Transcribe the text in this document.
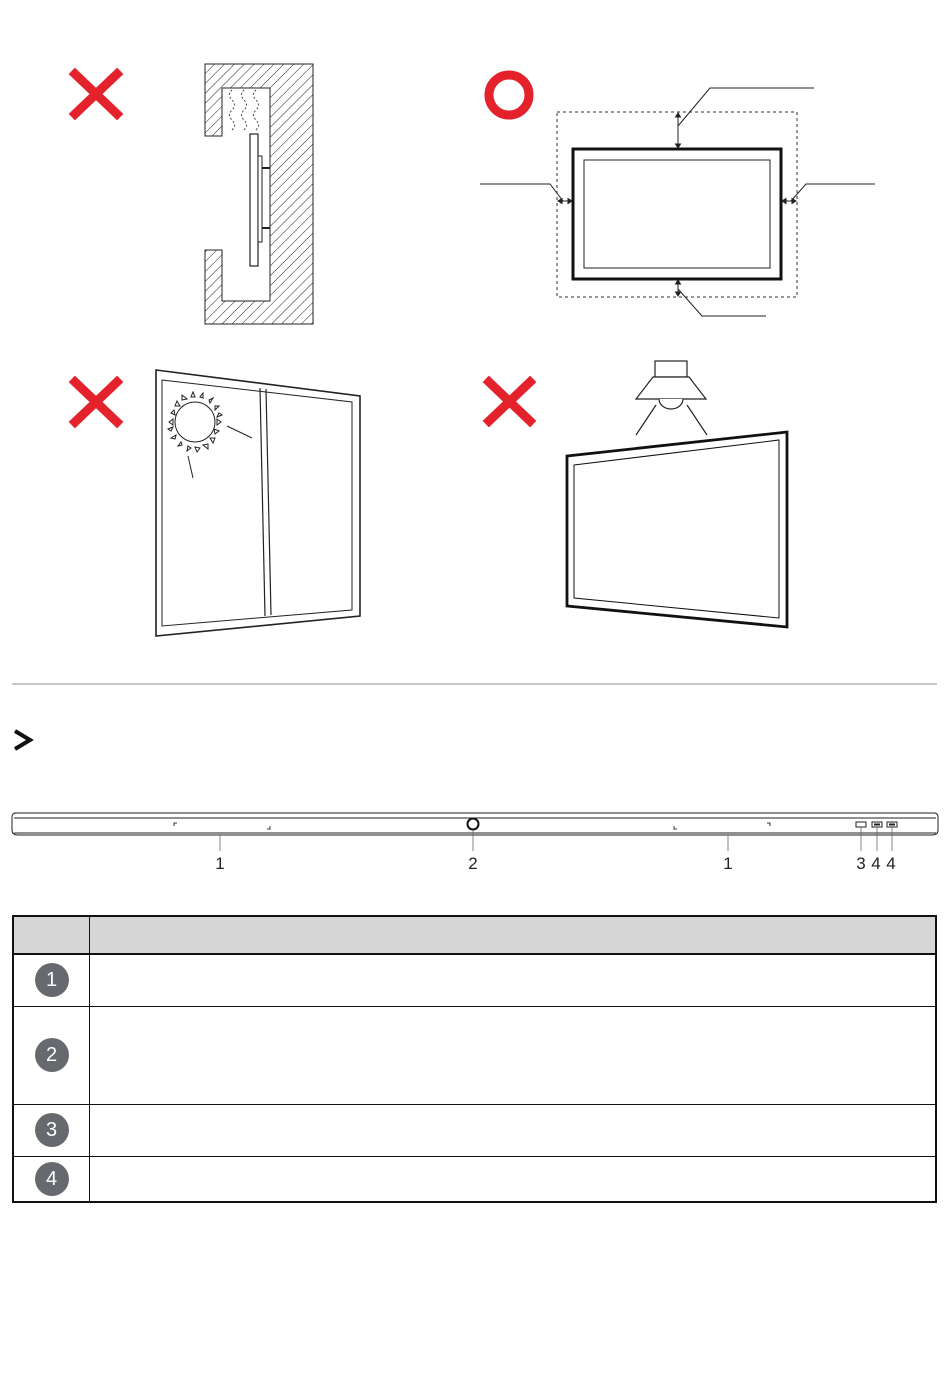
1	2	1	3 4 4

1	
2	
3	
4	
